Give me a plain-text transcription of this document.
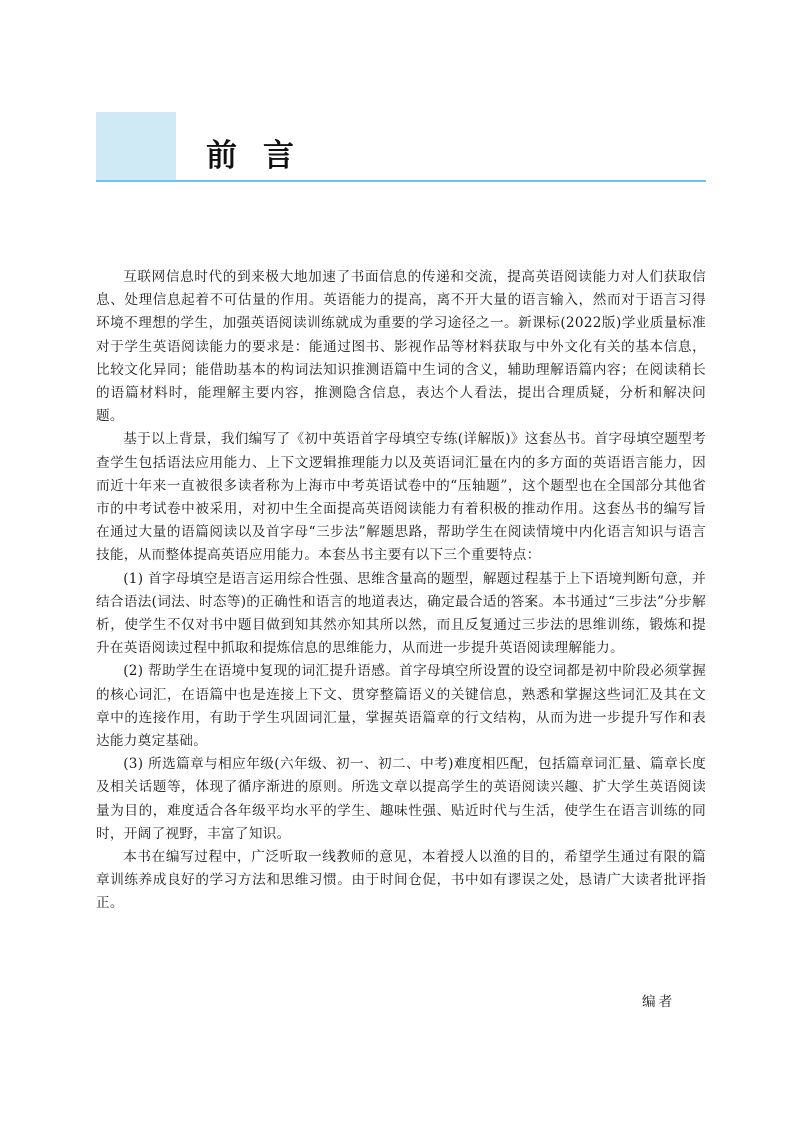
前言

互联网信息时代的到来极大地加速了书面信息的传递和交流，提高英语阅读能力对人们获取信息、处理信息起着不可估量的作用。英语能力的提高，离不开大量的语言输入，然而对于语言习得环境不理想的学生，加强英语阅读训练就成为重要的学习途径之一。新课标(2022版)学业质量标准对于学生英语阅读能力的要求是：能通过图书、影视作品等材料获取与中外文化有关的基本信息，比较文化异同；能借助基本的构词法知识推测语篇中生词的含义，辅助理解语篇内容；在阅读稍长的语篇材料时，能理解主要内容，推测隐含信息，表达个人看法，提出合理质疑，分析和解决问题。

基于以上背景，我们编写了《初中英语首字母填空专练(详解版)》这套丛书。首字母填空题型考查学生包括语法应用能力、上下文逻辑推理能力以及英语词汇量在内的多方面的英语语言能力，因而近十年来一直被很多读者称为上海市中考英语试卷中的“压轴题”，这个题型也在全国部分其他省市的中考试卷中被采用，对初中生全面提高英语阅读能力有着积极的推动作用。这套丛书的编写旨在通过大量的语篇阅读以及首字母“三步法”解题思路，帮助学生在阅读情境中内化语言知识与语言技能，从而整体提高英语应用能力。本套丛书主要有以下三个重要特点：

(1) 首字母填空是语言运用综合性强、思维含量高的题型，解题过程基于上下语境判断句意，并结合语法(词法、时态等)的正确性和语言的地道表达，确定最合适的答案。本书通过“三步法”分步解析，使学生不仅对书中题目做到知其然亦知其所以然，而且反复通过三步法的思维训练，锻炼和提升在英语阅读过程中抓取和提炼信息的思维能力，从而进一步提升英语阅读理解能力。

(2) 帮助学生在语境中复现的词汇提升语感。首字母填空所设置的设空词都是初中阶段必须掌握的核心词汇，在语篇中也是连接上下文、贯穿整篇语义的关键信息，熟悉和掌握这些词汇及其在文章中的连接作用，有助于学生巩固词汇量，掌握英语篇章的行文结构，从而为进一步提升写作和表达能力奠定基础。

(3) 所选篇章与相应年级(六年级、初一、初二、中考)难度相匹配，包括篇章词汇量、篇章长度及相关话题等，体现了循序渐进的原则。所选文章以提高学生的英语阅读兴趣、扩大学生英语阅读量为目的，难度适合各年级平均水平的学生、趣味性强、贴近时代与生活，使学生在语言训练的同时，开阔了视野，丰富了知识。

本书在编写过程中，广泛听取一线教师的意见，本着授人以渔的目的，希望学生通过有限的篇章训练养成良好的学习方法和思维习惯。由于时间仓促，书中如有谬误之处，恳请广大读者批评指正。

编者
